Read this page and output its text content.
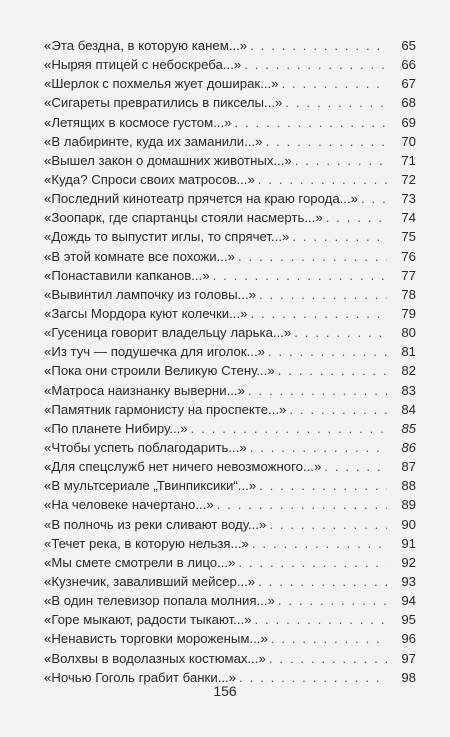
«Эта бездна, в которую канем...» . . .	65
«Ныряя птицей с небоскреба...» . . .	66
«Шерлок с похмелья жует доширак...» . . .	67
«Сигареты превратились в пикселы...» . . .	68
«Летящих в космосе густом...» . . .	69
«В лабиринте, куда их заманили...» . . .	70
«Вышел закон о домашних животных...» . . .	71
«Куда? Спроси своих матросов...» . . .	72
«Последний кинотеатр прячется на краю города...» . . .	73
«Зоопарк, где спартанцы стояли насмерть...» . . .	74
«Дождь то выпустит иглы, то спрячет...» . . .	75
«В этой комнате все похожи...» . . .	76
«Понаставили капканов...» . . .	77
«Вывинтил лампочку из головы...» . . .	78
«Загсы Мордора куют колечки...» . . .	79
«Гусеница говорит владельцу ларька...» . . .	80
«Из туч — подушечка для иголок...» . . .	81
«Пока они строили Великую Стену...» . . .	82
«Матроса наизнанку выверни...» . . .	83
«Памятник гармонисту на проспекте...» . . .	84
«По планете Нибиру...» . . .	85
«Чтобы успеть поблагодарить...» . . .	86
«Для спецслужб нет ничего невозможного...» . . .	87
«В мультсериале „Твинпиксики“...» . . .	88
«На человеке начертано...» . . .	89
«В полночь из реки сливают воду...» . . .	90
«Течет река, в которую нельзя...» . . .	91
«Мы смете смотрели в лицо...» . . .	92
«Кузнечик, заваливший мейсер...» . . .	93
«В один телевизор попала молния...» . . .	94
«Горе мыкают, радости тыкают...» . . .	95
«Ненависть торговки мороженым...» . . .	96
«Волхвы в водолазных костюмах...» . . .	97
«Ночью Гоголь грабит банки...» . . .	98
156
